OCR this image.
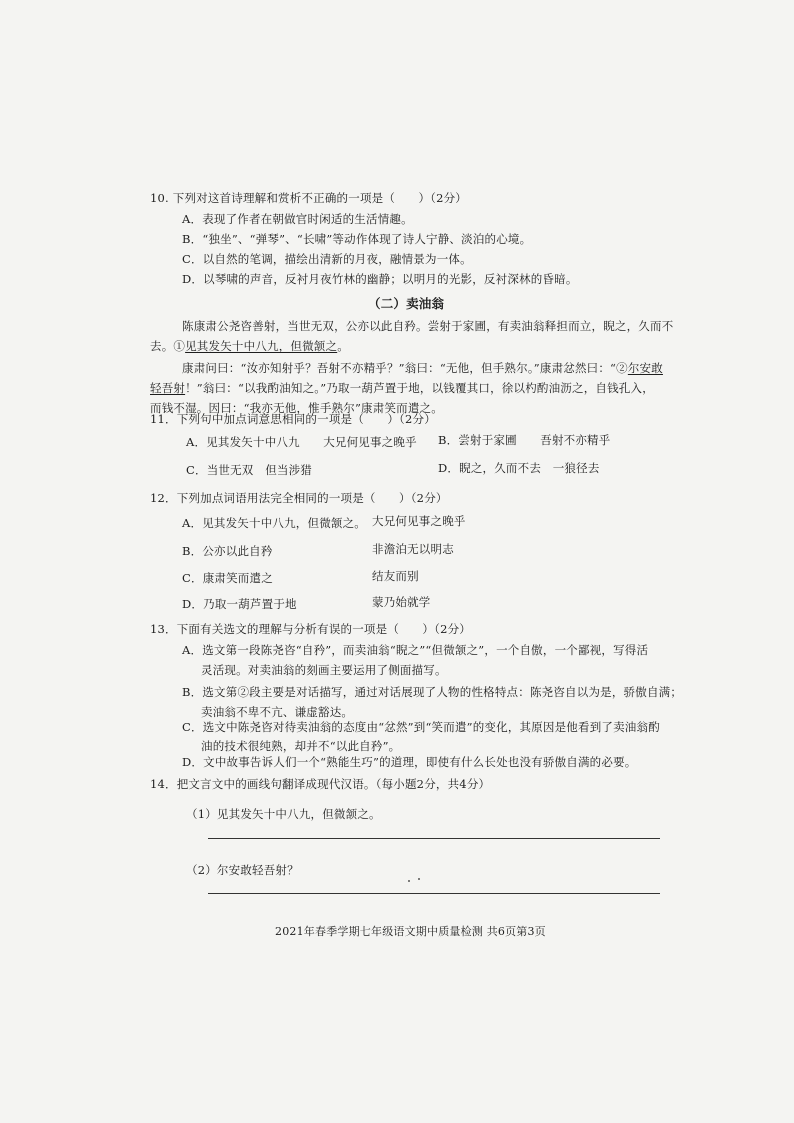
10. 下列对这首诗理解和赏析不正确的一项是（　　）（2分）
A．表现了作者在朝做官时闲适的生活情趣。
B．“独坐”、“弹琴”、“长啸”等动作体现了诗人宁静、淡泊的心境。
C．以自然的笔调，描绘出清新的月夜，融情景为一体。
D．以琴啸的声音，反衬月夜竹林的幽静；以明月的光影，反衬深林的昏暗。
（二）卖油翁
陈康肃公尧咨善射，当世无双，公亦以此自矜。尝射于家圃，有卖油翁释担而立，睨之，久而不
去。①见其发矢十中八九，但微颔之。
康肃问曰：“汝亦知射乎？吾射不亦精乎？”翁曰：“无他，但手熟尔。”康肃忿然曰：“②尔安敢
轻吾射！”翁曰：“以我酌油知之。”乃取一葫芦置于地，以钱覆其口，徐以杓酌油沥之，自钱孔入，
而钱不湿。因曰：“我亦无他，惟手熟尔”康肃笑而遣之。
11．下列句中加点词意思相同的一项是（　　）（2分）
A．见其发矢十中八九　　大兄何见事之晚乎 B．尝射于家圃　　吾射不亦精乎
C．当世无双　但当涉猎	D．睨之，久而不去　一狼径去
12．下列加点词语用法完全相同的一项是（　　）（2分）
A．见其发矢十中八九，但微颔之。 大兄何见事之晚乎
B．公亦以此自矜	非澹泊无以明志
C．康肃笑而遣之	结友而别
D．乃取一葫芦置于地	蒙乃始就学
13．下面有关选文的理解与分析有误的一项是（　　）（2分）
A．选文第一段陈尧咨“自矜”，而卖油翁“睨之”“但微颔之”，一个自傲，一个鄙视，写得活
灵活现。对卖油翁的刻画主要运用了侧面描写。
B．选文第②段主要是对话描写，通过对话展现了人物的性格特点：陈尧咨自以为是，骄傲自满；
卖油翁不卑不亢、谦虚豁达。
C．选文中陈尧咨对待卖油翁的态度由“忿然”到“笑而遣”的变化，其原因是他看到了卖油翁酌
油的技术很纯熟，却并不“以此自矜”。
D．文中故事告诉人们一个“熟能生巧”的道理，即使有什么长处也没有骄傲自满的必要。
14．把文言文中的画线句翻译成现代汉语。（每小题2分，共4分）
（1）见其发矢十中八九，但微颔之。
（2）尔安敢轻吾射？
2021年春季学期七年级语文期中质量检测 共6页第3页
